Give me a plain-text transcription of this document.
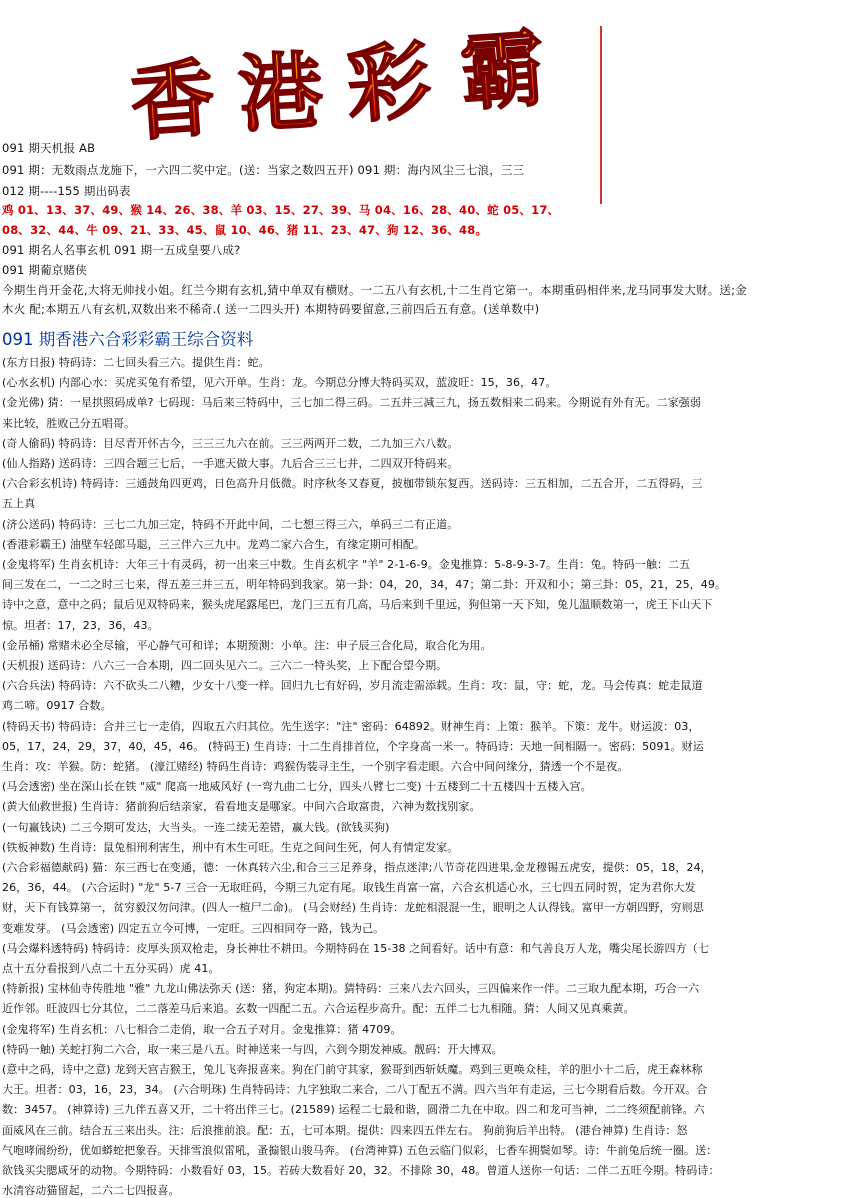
香 港 彩 霸
091 期天机报 AB
091 期：无数雨点龙施下，一六四二奖中定。(送：当家之数四五开) 091 期：海内风尘三七浪，三三
012 期----155 期出码表
鸡 01、13、37、49、猴 14、26、38、羊 03、15、27、39、马 04、16、28、40、蛇 05、17、
08、32、44、牛 09、21、33、45、鼠 10、46、猪 11、23、47、狗 12、36、48。
091 期名人名事玄机 091 期一五成皇要八成?
091 期葡京赌侠
今期生肖开金花,大将无帅找小姐。红兰今期有玄机,猜中单双有横财。一二五八有玄机,十二生肖它第一。本期重码相伴来,龙马同事发大财。送;金
木火 配;本期五八有玄机,双数出来不稀奇.( 送一二四头开) 本期特码要留意,三前四后五有意。(送单数中)
091 期香港六合彩彩霸王综合资料
(东方日报) 特码诗：二七回头看三六。提供生肖：蛇。
(心水玄机) 内部心水：买虎买兔有希望，见六开单。生肖：龙。今期总分博大特码买双，蓝波旺：15，36，47。
(金光佛) 猜：一星拱照码成单? 七码现：马后来三特码中，三七加二得三码。二五并三减三九，扬五数相来二码来。今期说有外有无。二家强弱
来比较，胜败己分五唱哥。
(奇人偷码) 特码诗：目尽青开怀古今，三三三九六在前。三三两两开二数，二九加三六八数。
(仙人指路) 送码诗：三四合题三七后，一手遮天做大事。九后合三三七并，二四双开特码来。
(六合彩玄机诗) 特码诗：三通鼓角四更鸡，日色高升月低微。时序秋冬又春夏，披枷带锁东复西。送码诗：三五相加，二五合开，二五得码，三
五上真
(济公送码) 特码诗：三七二九加三定，特码不开此中间，二七想三得三六，单码三二有正道。
(香港彩霸王) 油壁车轻郎马聪，三三伴六三九中。龙鸡二家六合生，有缘定期可相配。
(金鬼将军) 生肖玄机诗：大年三十有灵码，初一出来三中数。生肖玄机字 "羊" 2-1-6-9。金鬼推算：5-8-9-3-7。生肖：兔。特码一触：二五
间三发在二，一二之时三七来，得五差三并三五，明年特码到我家。第一卦：04，20，34，47；第二卦：开双和小；第三卦：05，21，25，49。
诗中之意，意中之码；鼠后见双特码来，猴头虎尾露尾巴，龙门三五有几高，马后来到千里远，狗但第一天下知，兔儿温顺数第一，虎王下山天下
惊。坦者：17，23，36，43。
(金吊桶) 常赌未必全尽输，平心静气可和详；本期预测：小单。注：申子辰三合化局，取合化为用。
(天机报) 送码诗：八六三一合本期，四二回头见六二。三六二一特头奖，上下配合望今期。
(六合兵法) 特码诗：六不砍头二八糟，少女十八变一样。回归九七有好码，岁月流走需添载。生肖：攻：鼠，守：蛇，龙。马会传真：蛇走鼠道
鸡二啼。0917 合数。
(特码天书) 特码诗：合并三七一走俏，四取五六归其位。先生送字："注" 密码：64892。财神生肖：上策：猴羊。下策：龙牛。财运波：03，
05，17，24，29，37，40，45，46。 (特码王) 生肖诗：十二生肖排首位，个字身高一米一。特码诗：天地一间相隔一。密码：5091。财运
生肖：攻：羊猴。防：蛇猪。 (濠江赌经) 特码生肖诗：鸡猴伪装寻主生，一个别字看走眼。六合中间问缘分，猜透一个不是夜。
(马会透密) 坐在深山长在铁 "威" 爬高一地威风好 (一弯九曲二七分，四头八臂七二变) 十五楼到二十五楼四十五楼入宫。
(黄大仙救世报) 生肖诗：猪前狗后结亲家，看看地支是哪家。中间六合取富贵，六神为数找别家。
(一句赢钱诀) 二三今期可发达，大当头。一连二续无差错，赢大钱。(欲钱买狗)
(铁板神数) 生肖诗：鼠兔相刑利害生，刑中有木生可旺。生克之间问生死，何人有情定发家。
(六合彩福德献码) 猫：东三西七在变通，德：一休真转六尘,和合三三足养身，指点迷津;八节奇花四进果,金龙穆锡五虎安，提供：05，18，24，
26，36，44。 (六合运时) "龙" 5-7 三合一无取旺码，今期三九定有尾。取钱生肖富一富，六合玄机适心水，三七四五同时贺，定为君你大发
财，天下有钱算第一，贫穷毅汉勿问津。(四人一楦尸二命)。 (马会财经) 生肖诗：龙蛇相混混一生，眼明之人认得钱。富甲一方朝四野，穷则思
变难发芽。 (马会透密) 四定五立今可博，一定旺。三四相同夺一路，钱为己。
(马会爆料透特码) 特码诗：皮厚头顶双枪走，身长神壮不耕田。今期特码在 15-38 之间看好。话中有意：和气善良万人龙，嘴尖尾长游四方（七
点十五分看报到八点二十五分买码）虎 41。
(特新报) 宝林仙寺传胜地 "雅" 九龙山佛法弥天 (送：猪，狗定本期)。猜特码：三来八去六回头，三四偏来作一伴。二三取九配本期，巧合一六
近作邻。旺波四七分其位，二二落差马后来追。玄数一四配二五。六合运程步高升。配：五伴二七九相随。猜：人间又见真乘黄。
(金鬼将军) 生肖玄机：八七相合二走俏，取一合五子对月。金鬼推算：猪 4709。
(特码一触) 关蛇打狗二六合，取一来三是八五。时神送来一与四，六到今期发神威。靓码：开大博双。
(意中之码，诗中之意) 龙到天宫吉猴王，兔儿飞奔报喜来。狗在门前守其家，猴哥到西斩妖魔。鸡到三更唤众桂，羊的胆小十二后，虎王森林称
大王。坦者：03，16，23，34。 (六合明珠) 生肖特码诗：九字独取二来合，二八丁配五不满。四六当年有走运，三七今期看后数。今开双。合
数：3457。 (神算诗) 三九伴五喜又开，二十将出伴三七。(21589) 运程二七最和谐，圆滑二九在中取。四二和龙可当神，二二终须配前锋。六
面威风在三前。结合五三来出头。注：后浪推前浪。配：五，七可本期。提供：四来四五伴左右。 狗前狗后羊出特。 (港台神算) 生肖诗：怒
气咆哮闹纷纷，优如蟒蛇把象吞。天排雪浪似雷吼，蚤搧银山骏马奔。 (台湾神算) 五色云临门似彩，七香车拥鬓如琴。诗：牛前兔后统一圈。送：
欲钱买尖腮咸牙的动物。今期特码：小数看好 03，15。若砖大数看好 20，32。不排除 30，48。曾道人送你一句话：二伴二五旺今期。特码诗：
水清容动猫留起，二六二七四报喜。
